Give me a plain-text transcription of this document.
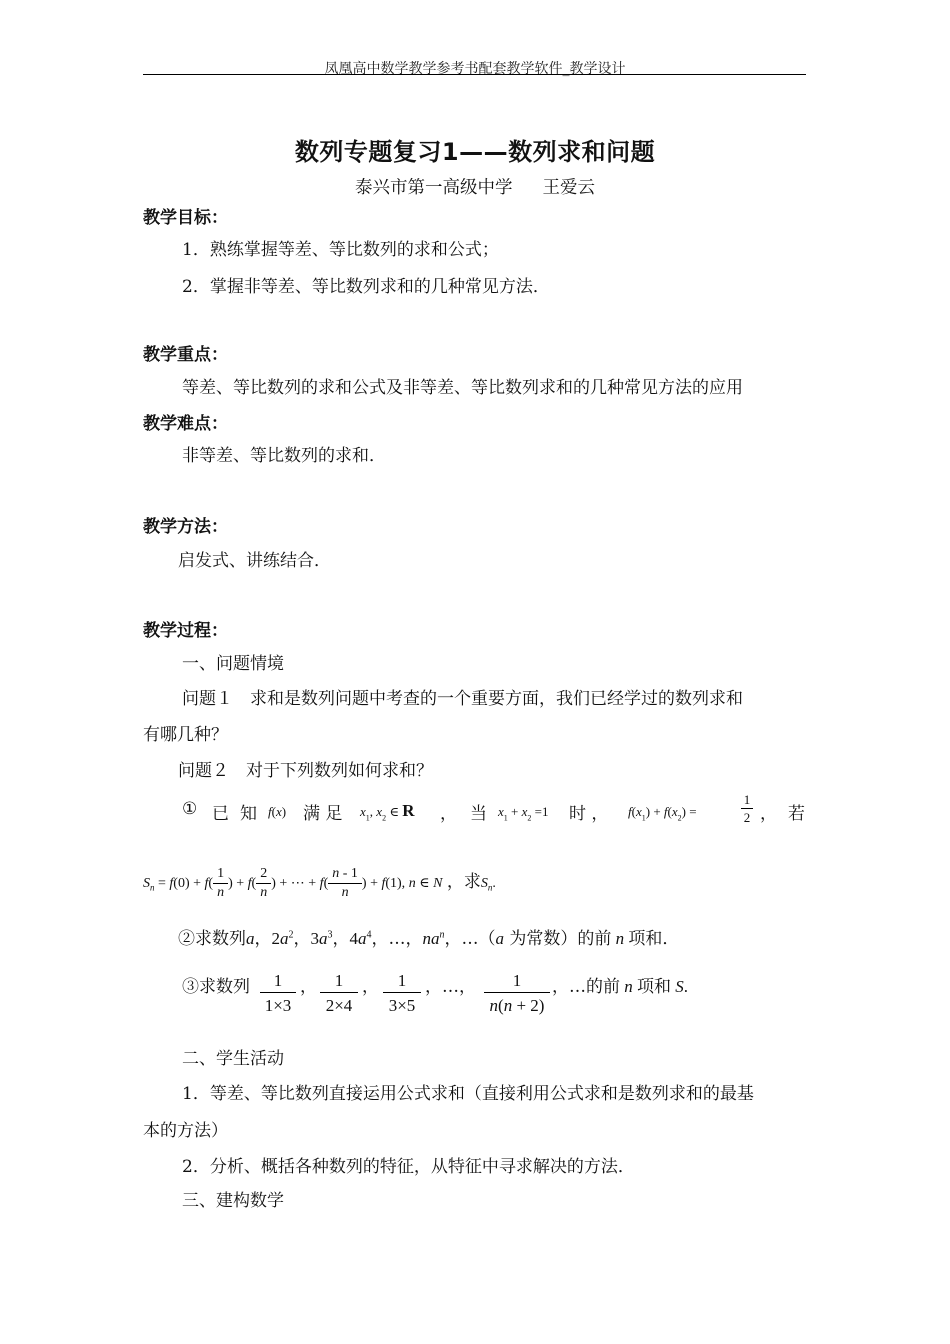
凤凰高中数学教学参考书配套教学软件_教学设计
数列专题复习1——数列求和问题
泰兴市第一高级中学 王爱云
教学目标：
1．熟练掌握等差、等比数列的求和公式；
2．掌握非等差、等比数列求和的几种常见方法．
教学重点：
等差、等比数列的求和公式及非等差、等比数列求和的几种常见方法的应用
教学难点：
非等差、等比数列的求和．
教学方法：
启发式、讲练结合．
教学过程：
一、问题情境
问题１　求和是数列问题中考查的一个重要方面，我们已经学过的数列求和
有哪几种？
问题２　对于下列数列如何求和？
① 已 知 f(x) 满 足 $x_1$, $x_2$ ∈ R ， 当 $x_1 + x_2 =1$ 时 ， $f(x_1) + f(x_2)$ =
1
2 ， 若
$S_n = f(0) + f( \frac{1}{n}$ ) + $f( \frac{2}{n}$ ) + ⋯ + $f( \frac{n - 1}{n}$ ) + f(1), n ∈ N ，求$S_n$.
②求数列a，$2a^2$，$3a^3$，$4a^4$，…，$na^n$，…（a 为常数）的前 n 项和．
③求数列	1
1×3
，	1
2×4
，	1
3×5
，…，	1
n(n + 2)
，…的前 n 项和 S.
二、学生活动
1．等差、等比数列直接运用公式求和（直接利用公式求和是数列求和的最基
本的方法）
2．分析、概括各种数列的特征，从特征中寻求解决的方法．
三、建构数学
